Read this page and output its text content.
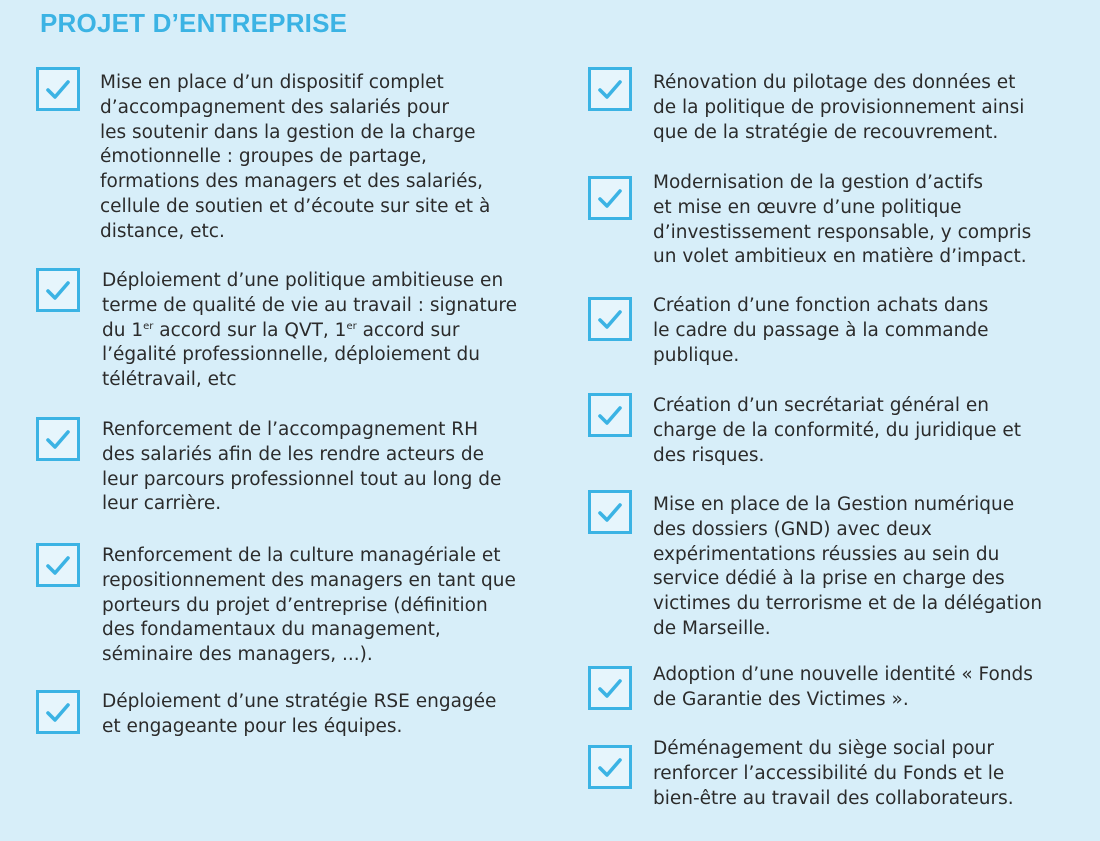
PROJET D’ENTREPRISE
Mise en place d’un dispositif complet
d’accompagnement des salariés pour
les soutenir dans la gestion de la charge
émotionnelle : groupes de partage,
formations des managers et des salariés,
cellule de soutien et d’écoute sur site et à
distance, etc.
Déploiement d’une politique ambitieuse en
terme de qualité de vie au travail : signature
du 1er accord sur la QVT, 1er accord sur
l’égalité professionnelle, déploiement du
télétravail, etc
Renforcement de l’accompagnement RH
des salariés afin de les rendre acteurs de
leur parcours professionnel tout au long de
leur carrière.
Renforcement de la culture managériale et
repositionnement des managers en tant que
porteurs du projet d’entreprise (définition
des fondamentaux du management,
séminaire des managers, ...).
Déploiement d’une stratégie RSE engagée
et engageante pour les équipes.
Rénovation du pilotage des données et
de la politique de provisionnement ainsi
que de la stratégie de recouvrement.
Modernisation de la gestion d’actifs
et mise en œuvre d’une politique
d’investissement responsable, y compris
un volet ambitieux en matière d’impact.
Création d’une fonction achats dans
le cadre du passage à la commande
publique.
Création d’un secrétariat général en
charge de la conformité, du juridique et
des risques.
Mise en place de la Gestion numérique
des dossiers (GND) avec deux
expérimentations réussies au sein du
service dédié à la prise en charge des
victimes du terrorisme et de la délégation
de Marseille.
Adoption d’une nouvelle identité « Fonds
de Garantie des Victimes ».
Déménagement du siège social pour
renforcer l’accessibilité du Fonds et le
bien-être au travail des collaborateurs.
